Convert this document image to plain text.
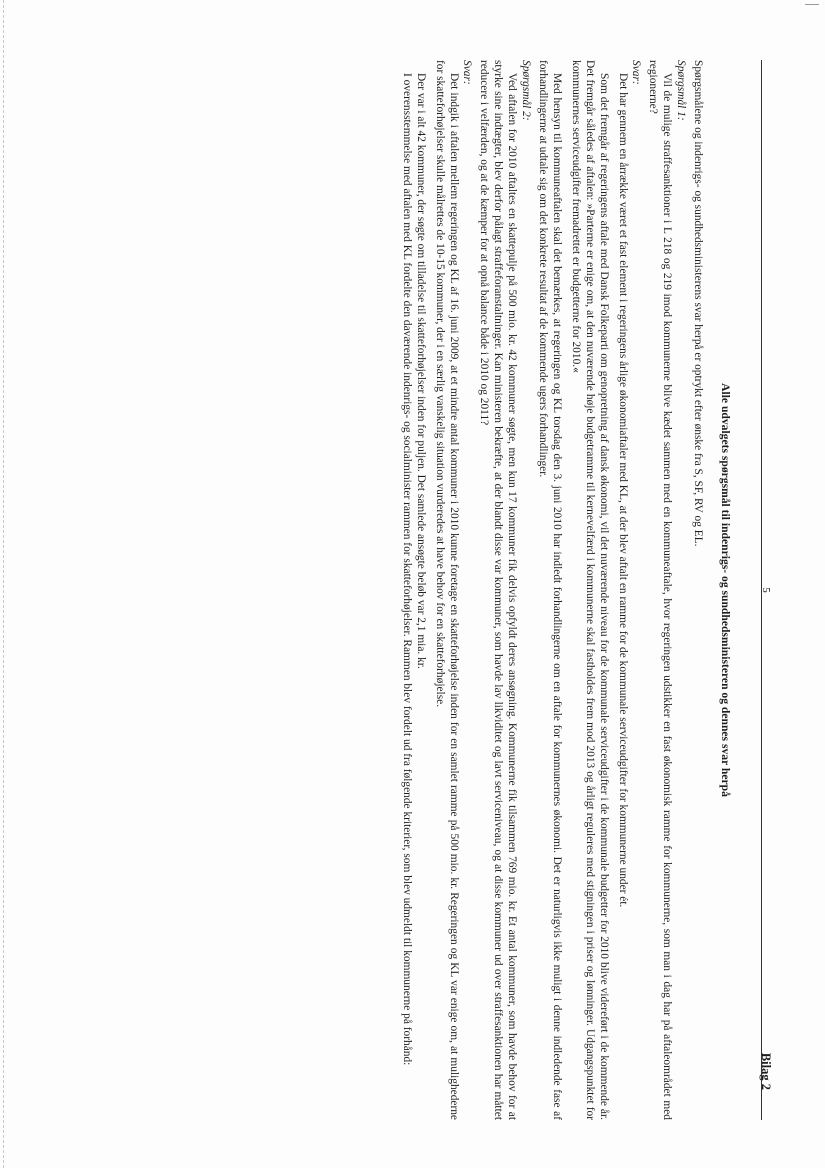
5
Bilag 2
Alle udvalgets spørgsmål til indenrigs- og sundhedsministeren og dennes svar herpå

Spørgsmålene og indenrigs- og sundhedsministerens svar herpå er optrykt efter ønske fra S, SF, RV og EL.

Spørgsmål 1:

Vil de mulige straffesanktioner i L 218 og 219 imod kommunerne blive kædet sammen med en kommuneaftale, hvor regeringen udstikker en fast økonomisk ramme for kommunerne, som man i dag har på aftaleområdet med regionerne?

Svar:

Det har gennem en årrække været et fast element i regeringens årlige økonomiaftaler med KL, at der blev aftalt en ramme for de kommunale serviceudgifter for kommunerne under ét.

Som det fremgår af regeringens aftale med Dansk Folkeparti om genopretning af dansk økonomi, vil det nuværende niveau for de kommunale serviceudgifter i de kommunale budgetter for 2010 blive videreført i de kommende år. Det fremgår således af aftalen: »Parterne er enige om, at den nuværende høje budgetramme til kernevelfærd i kommunerne skal fastholdes frem mod 2013 og årligt reguleres med stigningen i priser og lønninger. Udgangspunktet for kommunernes serviceudgifter fremadrettet er budgetterne for 2010.«

Med hensyn til kommuneaftalen skal det bemærkes, at regeringen og KL torsdag den 3. juni 2010 har indledt forhandlingerne om en aftale for kommunernes økonomi. Det er naturligvis ikke muligt i denne indledende fase af forhandlingerne at udtale sig om det konkrete resultat af de kommende ugers forhandlinger.

Spørgsmål 2:

Ved aftalen for 2010 aftaltes en skattepulje på 500 mio. kr. 42 kommuner søgte, men kun 17 kommuner fik delvis opfyldt deres ansøgning. Kommunerne fik tilsammen 769 mio. kr. Et antal kommuner, som havde behov for at styrke sine indtægter, blev derfor pålagt straffeforanstaltninger. Kan ministeren bekræfte, at der blandt disse var kommuner, som havde lav likviditet og lavt serviceniveau, og at disse kommuner ud over straffesanktionen har måttet reducere i velfærden, og at de kæmper for at opnå balance både i 2010 og 2011?

Svar:

Det indgik i aftalen mellem regeringen og KL af 16. juni 2009, at et mindre antal kommuner i 2010 kunne foretage en skatteforhøjelse inden for en samlet ramme på 500 mio. kr. Regeringen og KL var enige om, at mulighederne for skatteforhøjelser skulle målrettes de 10-15 kommuner, der i en særlig vanskelig situation vurderedes at have behov for en skatteforhøjelse.

Der var i alt 42 kommuner, der søgte om tilladelse til skatteforhøjelser inden for puljen. Det samlede ansøgte beløb var 2,1 mia. kr.

I overensstemmelse med aftalen med KL fordelte den daværende indenrigs- og socialminister rammen for skatteforhøjelser. Rammen blev fordelt ud fra følgende kriterier, som blev udmeldt til kommunerne på forhånd:
